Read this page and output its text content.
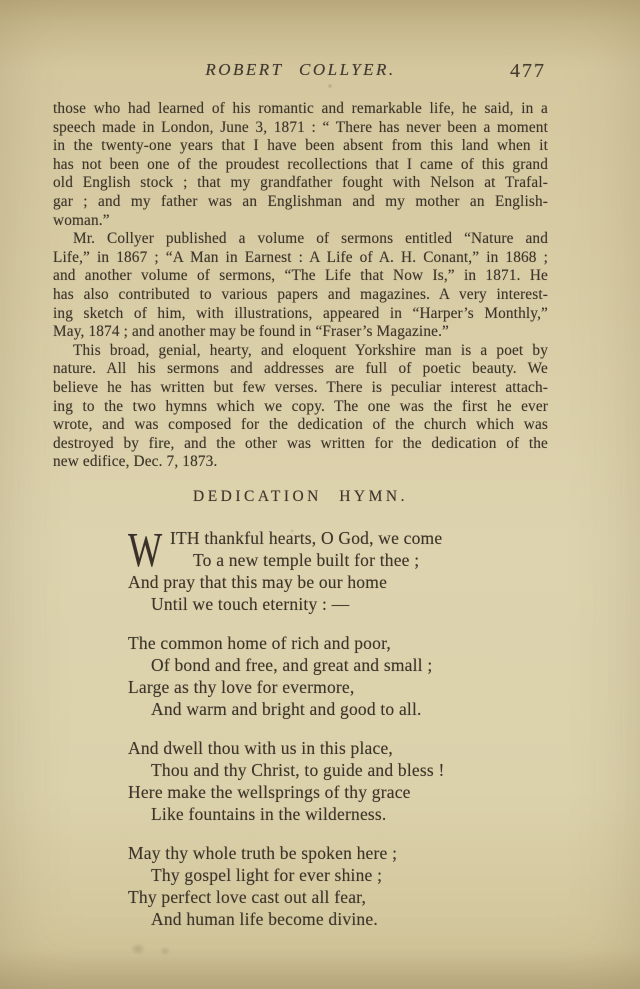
ROBERT COLLYER.	477
those who had learned of his romantic and remarkable life, he said, in a
speech made in London, June 3, 1871 : “ There has never been a moment
in the twenty-one years that I have been absent from this land when it
has not been one of the proudest recollections that I came of this grand
old English stock ; that my grandfather fought with Nelson at Trafal-
gar ; and my father was an Englishman and my mother an English-
woman.”
Mr. Collyer published a volume of sermons entitled “Nature and
Life,” in 1867 ; “A Man in Earnest : A Life of A. H. Conant,” in 1868 ;
and another volume of sermons, “The Life that Now Is,” in 1871. He
has also contributed to various papers and magazines. A very interest-
ing sketch of him, with illustrations, appeared in “Harper’s Monthly,”
May, 1874 ; and another may be found in “Fraser’s Magazine.”
This broad, genial, hearty, and eloquent Yorkshire man is a poet by
nature. All his sermons and addresses are full of poetic beauty. We
believe he has written but few verses. There is peculiar interest attach-
ing to the two hymns which we copy. The one was the first he ever
wrote, and was composed for the dedication of the church which was
destroyed by fire, and the other was written for the dedication of the
new edifice, Dec. 7, 1873.
DEDICATION HYMN.
W ITH thankful hearts, O God, we come
To a new temple built for thee ;
And pray that this may be our home
Until we touch eternity : —
The common home of rich and poor,
Of bond and free, and great and small ;
Large as thy love for evermore,
And warm and bright and good to all.
And dwell thou with us in this place,
Thou and thy Christ, to guide and bless !
Here make the wellsprings of thy grace
Like fountains in the wilderness.
May thy whole truth be spoken here ;
Thy gospel light for ever shine ;
Thy perfect love cast out all fear,
And human life become divine.
